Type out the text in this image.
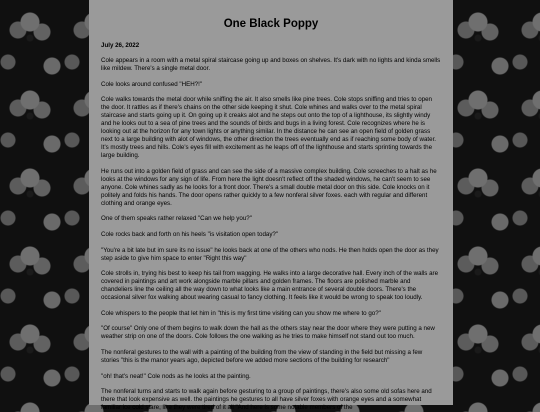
One Black Poppy
July 26, 2022

Cole appears in a room with a metal spiral staircase going up and boxes on shelves. It's dark with no lights and kinda smells like mildew. There's a single metal door.

Cole looks around confused "HEH?!"

Cole walks towards the metal door while sniffing the air. It also smells like pine trees. Cole stops sniffing and tries to open the door. It rattles as if there's chains on the other side keeping it shut. Cole whines and walks over to the metal spiral staircase and starts going up it. On going up it creaks alot and he steps out onto the top of a lighthouse, its slightly windy and he looks out to a sea of pine trees and the sounds of birds and bugs in a living forest. Cole recognizes where he is looking out at the horizon for any town lights or anything similar. In the distance he can see an open field of golden grass next to a large building with alot of windows, the other direction the trees eventually end as if reaching some body of water. It's mostly trees and hills. Cole's eyes fill with excitement as he leaps off of the lighthouse and starts sprinting towards the large building.

He runs out into a golden field of grass and can see the side of a massive complex building. Cole screeches to a halt as he looks at the windows for any sign of life. From here the light doesn't reflect off the shaded windows, he can't seem to see anyone. Cole whines sadly as he looks for a front door. There's a small double metal door on this side. Cole knocks on it politely and folds his hands. The door opens rather quickly to a few nonferal silver foxes. each with regular and different clothing and orange eyes.

One of them speaks rather relaxed "Can we help you?"

Cole rocks back and forth on his heels "is visitation open today?"

"You're a bit late but im sure its no issue" he looks back at one of the others who nods. He then holds open the door as they step aside to give him space to enter "Right this way"

Cole strolls in, trying his best to keep his tail from wagging. He walks into a large decorative hall. Every inch of the walls are covered in paintings and art work alongside marble pillars and golden frames. The floors are polished marble and chandeliers line the ceiling all the way down to what looks like a main entrance of several double doors. There's the occasional silver fox walking about wearing casual to fancy clothing. It feels like it would be wrong to speak too loudly.

Cole whispers to the people that let him in "this is my first time visiting can you show me where to go?"

"Of course" Only one of them begins to walk down the hall as the others stay near the door where they were putting a new weather strip on one of the doors. Cole follows the one walking as he tries to make himself not stand out too much.

The nonferal gestures to the wall with a painting of the building from the view of standing in the field but missing a few stories "this is the manor years ago, depicted before we added more sections of the building for research"

"oh! that's neat!" Cole nods as he looks at the painting.

The nonferal turns and starts to walk again before gesturing to a group of paintings, there's also some old sofas here and there that look expensive as well. the paintings he gestures to all have silver foxes with orange eyes and a somewhat familiar ice cold stare, like they were tired of it all "And here is some notable members of the
